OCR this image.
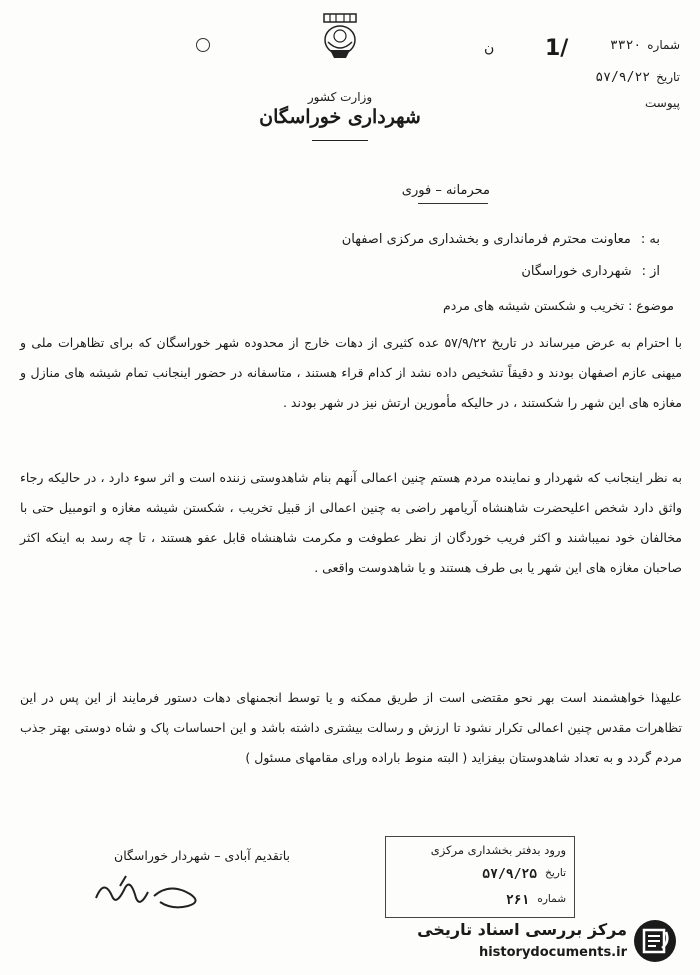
ن
وزارت کشور
شهرداری خوراسگان
1/	شماره
۳۳۲۰
تاریخ
۵۷/۹/۲۲
پیوست
محرمانه – فوری
به :
معاونت محترم فرمانداری و بخشداری مرکزی اصفهان
از :
شهرداری خوراسگان
موضوع : تخریب و شکستن شیشه های مردم

با احترام به عرض میرساند در تاریخ ۵۷/۹/۲۲ عده کثیری از دهات خارج از محدوده شهر خوراسگان که برای تظاهرات ملی و میهنی عازم اصفهان بودند و دقیقاً تشخیص داده نشد از کدام قراء هستند ، متاسفانه در حضور اینجانب تمام شیشه های منازل و مغازه های این شهر را شکستند ، در حالیکه مأمورین ارتش نیز در شهر بودند .

به نظر اینجانب که شهردار و نماینده مردم هستم چنین اعمالی آنهم بنام شاهدوستی زننده است و اثر سوء دارد ، در حالیکه رجاء واثق دارد شخص اعلیحضرت شاهنشاه آریامهر راضی به چنین اعمالی از قبیل تخریب ، شکستن شیشه مغازه و اتومبیل حتی با مخالفان خود نمیباشند و اکثر فریب خوردگان از نظر عطوفت و مکرمت شاهنشاه قابل عفو هستند ، تا چه رسد به اینکه اکثر صاحبان مغازه های این شهر یا بی طرف هستند و یا شاهدوست واقعی .

علیهذا خواهشمند است بهر نحو مقتضی است از طریق ممکنه و یا توسط انجمنهای دهات دستور فرمایند از این پس در این تظاهرات مقدس چنین اعمالی تکرار نشود تا ارزش و رسالت بیشتری داشته باشد و این احساسات پاک و شاه دوستی بهتر جذب مردم گردد و به تعداد شاهدوستان بیفزاید ( البته منوط باراده ورای مقامهای مسئول )

باتقدیم آبادی – شهردار خوراسگان	ورود بدفتر بخشداری مرکزی
تاریخ
۵۷/۹/۲۵
شماره
۲۶۱
مرکز بررسی اسناد تاریخی
historydocuments.ir
